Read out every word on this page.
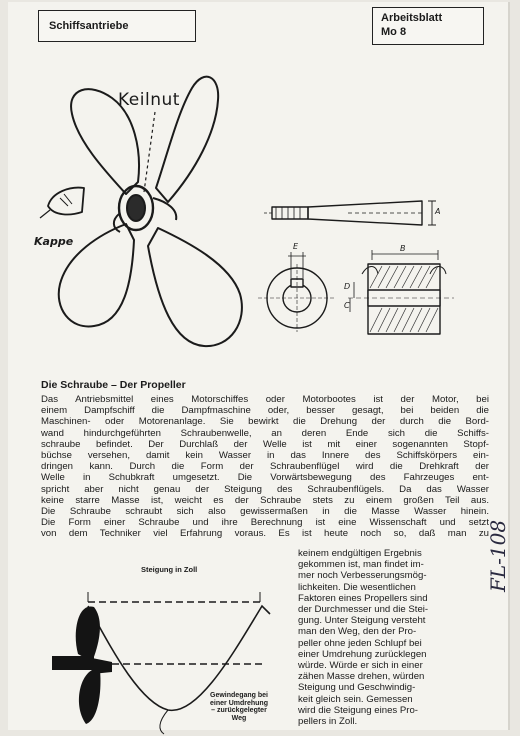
Schiffsantriebe
Arbeitsblatt
Mo 8
Keilnut
Kappe
A
B
C
D
E
Die Schraube – Der Propeller
Das Antriebsmittel eines Motorschiffes oder Motorbootes ist der Motor, bei
einem Dampfschiff die Dampfmaschine oder, besser gesagt, bei beiden die
Maschinen- oder Motorenanlage. Sie bewirkt die Drehung der durch die Bord-
wand hindurchgeführten Schraubenwelle, an deren Ende sich die Schiffs-
schraube befindet. Der Durchlaß der Welle ist mit einer sogenannten Stopf-
büchse versehen, damit kein Wasser in das Innere des Schiffskörpers ein-
dringen kann. Durch die Form der Schraubenflügel wird die Drehkraft der
Welle in Schubkraft umgesetzt. Die Vorwärtsbewegung des Fahrzeuges ent-
spricht aber nicht genau der Steigung des Schraubenflügels. Da das Wasser
keine starre Masse ist, weicht es der Schraube stets zu einem großen Teil aus.
Die Schraube schraubt sich also gewissermaßen in die Masse Wasser hinein.
Die Form einer Schraube und ihre Berechnung ist eine Wissenschaft und setzt
von dem Techniker viel Erfahrung voraus. Es ist heute noch so, daß man zu
keinem endgültigen Ergebnis
gekommen ist, man findet im-
mer noch Verbesserungsmög-
lichkeiten. Die wesentlichen
Faktoren eines Propellers sind
der Durchmesser und die Stei-
gung. Unter Steigung versteht
man den Weg, den der Pro-
peller ohne jeden Schlupf bei
einer Umdrehung zurücklegen
würde. Würde er sich in einer
zähen Masse drehen, würden
Steigung und Geschwindig-
keit gleich sein. Gemessen
wird die Steigung eines Pro-
pellers in Zoll.
Steigung in Zoll
Gewindegang bei
einer Umdrehung
– zurückgelegter
Weg
FL-108
